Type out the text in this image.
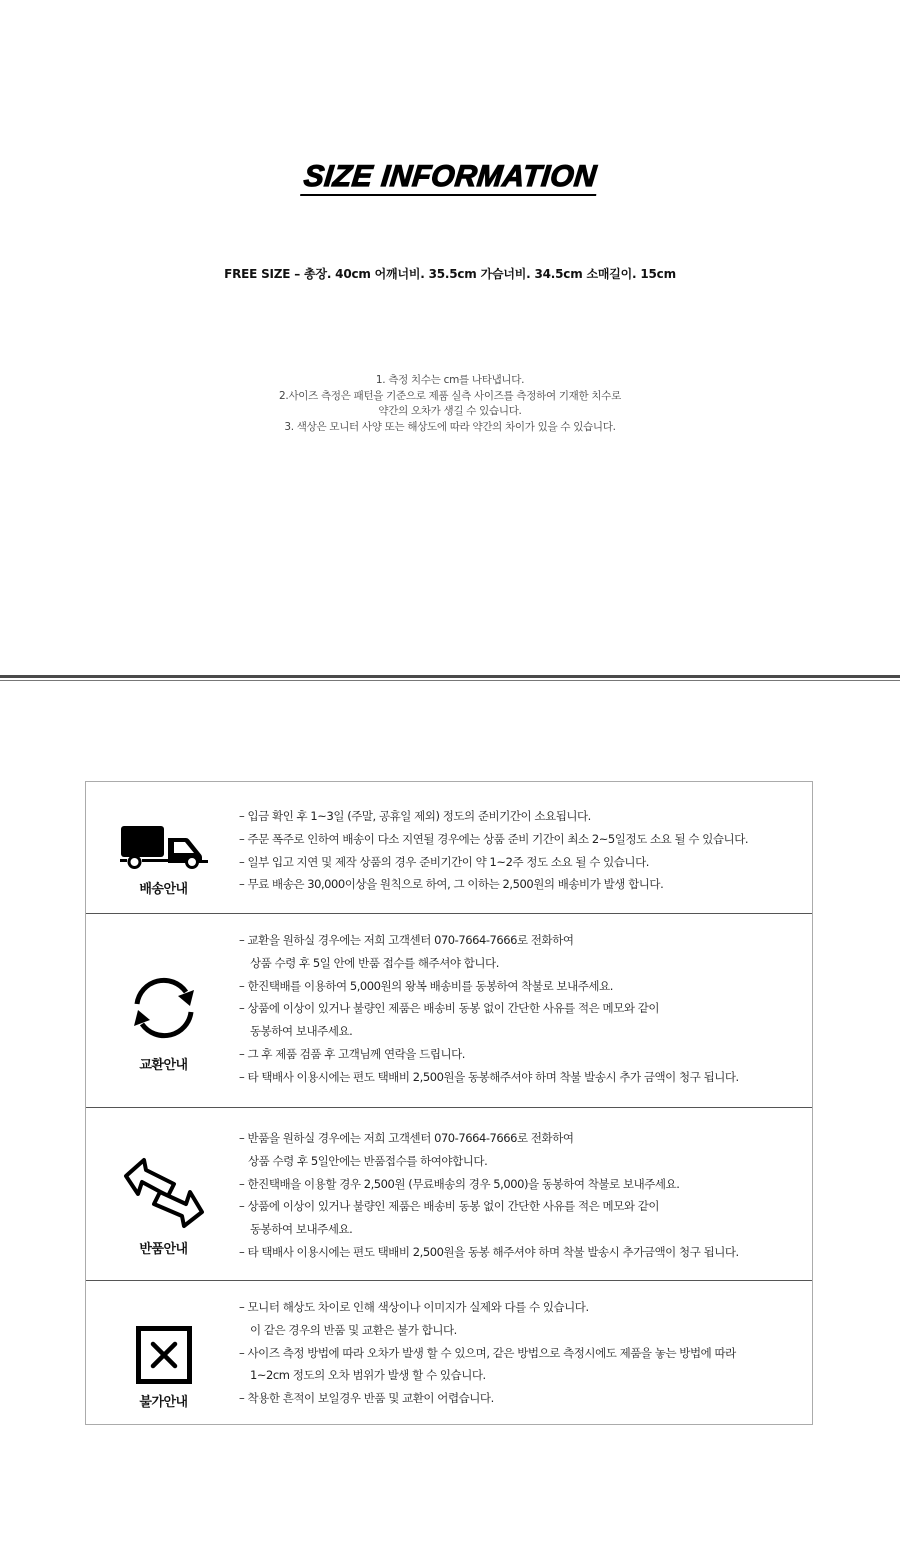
SIZE INFORMATION
FREE SIZE – 총장. 40cm 어깨너비. 35.5cm 가슴너비. 34.5cm 소매길이. 15cm
1. 측정 치수는 cm를 나타냅니다.
2.사이즈 측정은 패턴을 기준으로 제품 실측 사이즈를 측정하여 기재한 치수로
약간의 오차가 생길 수 있습니다.
3. 색상은 모니터 사양 또는 해상도에 따라 약간의 차이가 있을 수 있습니다.
배송안내
– 입금 확인 후 1~3일 (주말, 공휴일 제외) 정도의 준비기간이 소요됩니다.
– 주문 폭주로 인하여 배송이 다소 지연될 경우에는 상품 준비 기간이 최소 2~5일정도 소요 될 수 있습니다.
– 일부 입고 지연 및 제작 상품의 경우 준비기간이 약 1~2주 정도 소요 될 수 있습니다.
– 무료 배송은 30,000이상을 원칙으로 하여, 그 이하는 2,500원의 배송비가 발생 합니다.
교환안내
– 교환을 원하실 경우에는 저희 고객센터 070-7664-7666로 전화하여
상품 수령 후 5일 안에 반품 접수를 해주셔야 합니다.
– 한진택배를 이용하여 5,000원의 왕복 배송비를 동봉하여 착불로 보내주세요.
– 상품에 이상이 있거나 불량인 제품은 배송비 동봉 없이 간단한 사유를 적은 메모와 같이
동봉하여 보내주세요.
– 그 후 제품 검품 후 고객님께 연락을 드립니다.
– 타 택배사 이용시에는 편도 택배비 2,500원을 동봉해주셔야 하며 착불 발송시 추가 금액이 청구 됩니다.
반품안내
– 반품을 원하실 경우에는 저희 고객센터 070-7664-7666로 전화하여
상품 수령 후 5일안에는 반품접수를 하여야합니다.
– 한진택배을 이용할 경우 2,500원 (무료배송의 경우 5,000)을 동봉하여 착불로 보내주세요.
– 상품에 이상이 있거나 불량인 제품은 배송비 동봉 없이 간단한 사유를 적은 메모와 같이
동봉하여 보내주세요.
– 타 택배사 이용시에는 편도 택배비 2,500원을 동봉 해주셔야 하며 착불 발송시 추가금액이 청구 됩니다.
불가안내
– 모니터 해상도 차이로 인해 색상이나 이미지가 실제와 다를 수 있습니다.
이 같은 경우의 반품 및 교환은 불가 합니다.
– 사이즈 측정 방법에 따라 오차가 발생 할 수 있으며, 같은 방법으로 측정시에도 제품을 놓는 방법에 따라
1~2cm 정도의 오차 범위가 발생 할 수 있습니다.
– 착용한 흔적이 보일경우 반품 및 교환이 어렵습니다.
